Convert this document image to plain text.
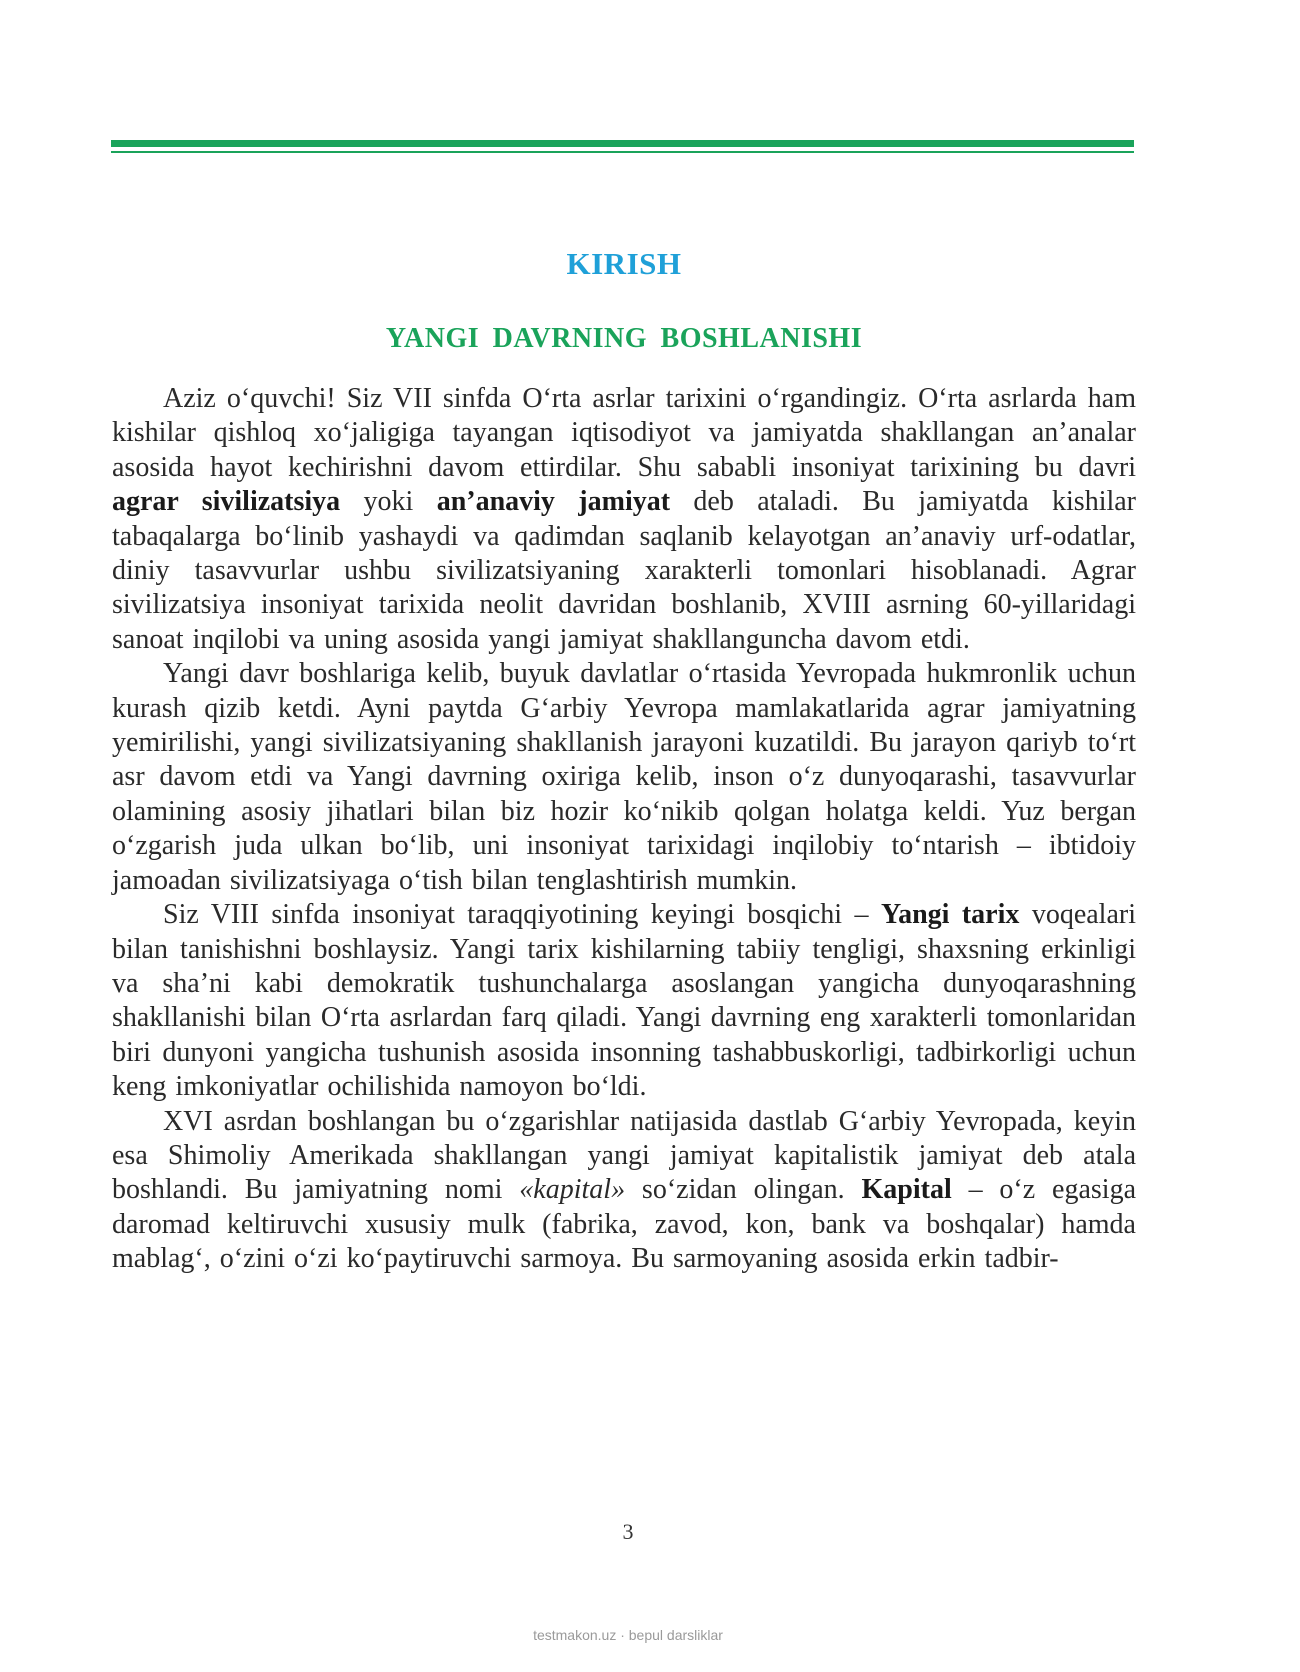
KIRISH
YANGI DAVRNING BOSHLANISHI

Aziz o‘quvchi! Siz VII sinfda O‘rta asrlar tarixini o‘rgandingiz. O‘rta asrlarda ham kishilar qishloq xo‘jaligiga tayangan iqtisodiyot va jamiyatda shakllangan an’analar asosida hayot kechirishni davom ettirdilar. Shu sababli insoniyat tarixining bu davri agrar sivilizatsiya yoki an’anaviy jamiyat deb ataladi. Bu jamiyatda kishilar tabaqalarga bo‘linib yashaydi va qadimdan saqlanib kelayotgan an’anaviy urf-odatlar, diniy tasavvurlar ushbu sivilizatsiyaning xarakterli tomonlari hisoblanadi. Agrar sivilizatsiya insoniyat tarixida neolit davridan boshlanib, XVIII asrning 60-yillaridagi sanoat inqilobi va uning asosida yangi jamiyat shakllanguncha davom etdi.

Yangi davr boshlariga kelib, buyuk davlatlar o‘rtasida Yevropada hukmronlik uchun kurash qizib ketdi. Ayni paytda G‘arbiy Yevropa mamlakatlarida agrar jamiyatning yemirilishi, yangi sivilizatsiyaning shakllanish jarayoni kuzatildi. Bu jarayon qariyb to‘rt asr davom etdi va Yangi davrning oxiriga kelib, inson o‘z dunyoqarashi, tasavvurlar olamining asosiy jihatlari bilan biz hozir ko‘nikib qolgan holatga keldi. Yuz bergan o‘zgarish juda ulkan bo‘lib, uni insoniyat tarixidagi inqilobiy to‘ntarish – ibtidoiy jamoadan sivilizatsiyaga o‘tish bilan tenglashtirish mumkin.

Siz VIII sinfda insoniyat taraqqiyotining keyingi bosqichi – Yangi tarix voqealari bilan tanishishni boshlaysiz. Yangi tarix kishilarning tabiiy tengligi, shaxsning erkinligi va sha’ni kabi demokratik tushunchalarga asoslangan yangicha dunyoqarashning shakllanishi bilan O‘rta asrlardan farq qiladi. Yangi davrning eng xarakterli tomonlaridan biri dunyoni yangicha tushunish asosida insonning tashabbuskorligi, tadbirkorligi uchun keng imkoniyatlar ochilishida namoyon bo‘ldi.

XVI asrdan boshlangan bu o‘zgarishlar natijasida dastlab G‘arbiy Yevropada, keyin esa Shimoliy Amerikada shakllangan yangi jamiyat kapitalistik jamiyat deb atala boshlandi. Bu jamiyatning nomi «kapital» so‘zidan olingan. Kapital – o‘z egasiga daromad keltiruvchi xususiy mulk (fabrika, zavod, kon, bank va boshqalar) hamda mablag‘, o‘zini o‘zi ko‘paytiruvchi sarmoya. Bu sarmoyaning asosida erkin tadbir-

3
testmakon.uz · bepul darsliklar
